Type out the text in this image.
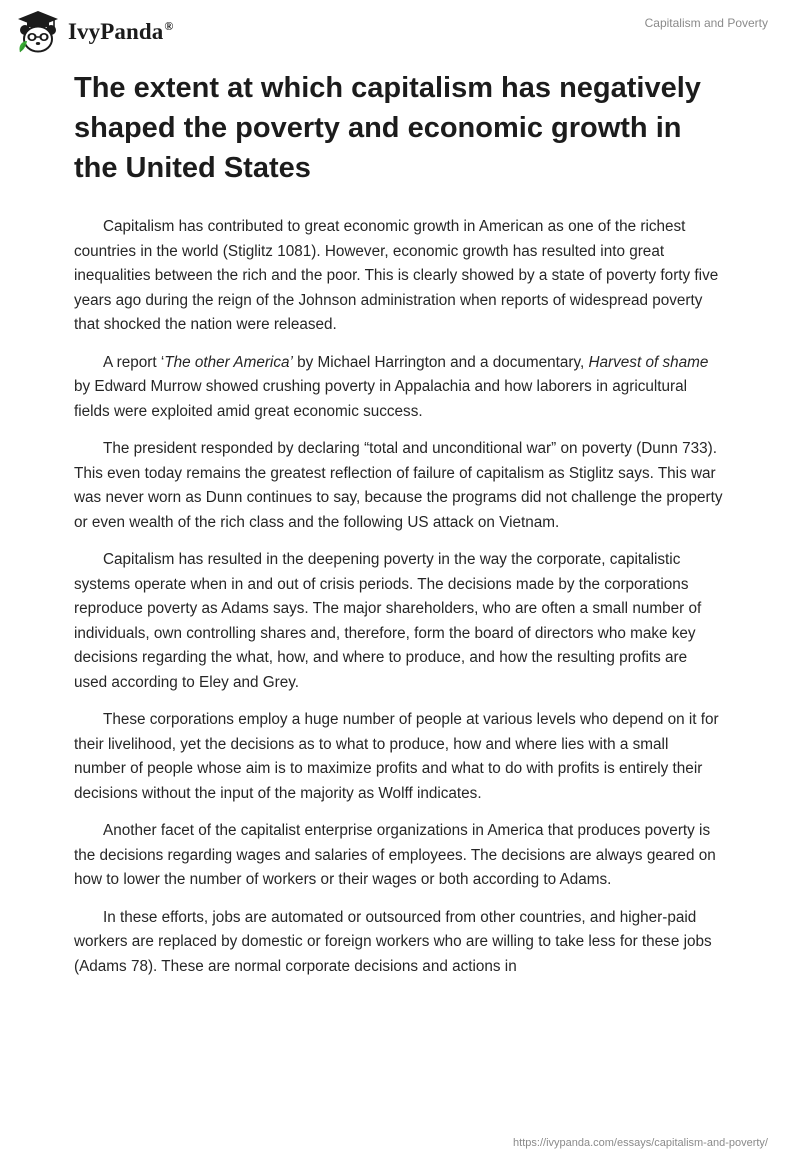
IvyPanda®	Capitalism and Poverty
The extent at which capitalism has negatively shaped the poverty and economic growth in the United States

Capitalism has contributed to great economic growth in American as one of the richest countries in the world (Stiglitz 1081). However, economic growth has resulted into great inequalities between the rich and the poor. This is clearly showed by a state of poverty forty five years ago during the reign of the Johnson administration when reports of widespread poverty that shocked the nation were released.

A report ‘The other America’ by Michael Harrington and a documentary, Harvest of shame by Edward Murrow showed crushing poverty in Appalachia and how laborers in agricultural fields were exploited amid great economic success.

The president responded by declaring “total and unconditional war” on poverty (Dunn 733). This even today remains the greatest reflection of failure of capitalism as Stiglitz says. This war was never worn as Dunn continues to say, because the programs did not challenge the property or even wealth of the rich class and the following US attack on Vietnam.

Capitalism has resulted in the deepening poverty in the way the corporate, capitalistic systems operate when in and out of crisis periods. The decisions made by the corporations reproduce poverty as Adams says. The major shareholders, who are often a small number of individuals, own controlling shares and, therefore, form the board of directors who make key decisions regarding the what, how, and where to produce, and how the resulting profits are used according to Eley and Grey.

These corporations employ a huge number of people at various levels who depend on it for their livelihood, yet the decisions as to what to produce, how and where lies with a small number of people whose aim is to maximize profits and what to do with profits is entirely their decisions without the input of the majority as Wolff indicates.

Another facet of the capitalist enterprise organizations in America that produces poverty is the decisions regarding wages and salaries of employees. The decisions are always geared on how to lower the number of workers or their wages or both according to Adams.

In these efforts, jobs are automated or outsourced from other countries, and higher-paid workers are replaced by domestic or foreign workers who are willing to take less for these jobs (Adams 78). These are normal corporate decisions and actions in

https://ivypanda.com/essays/capitalism-and-poverty/
